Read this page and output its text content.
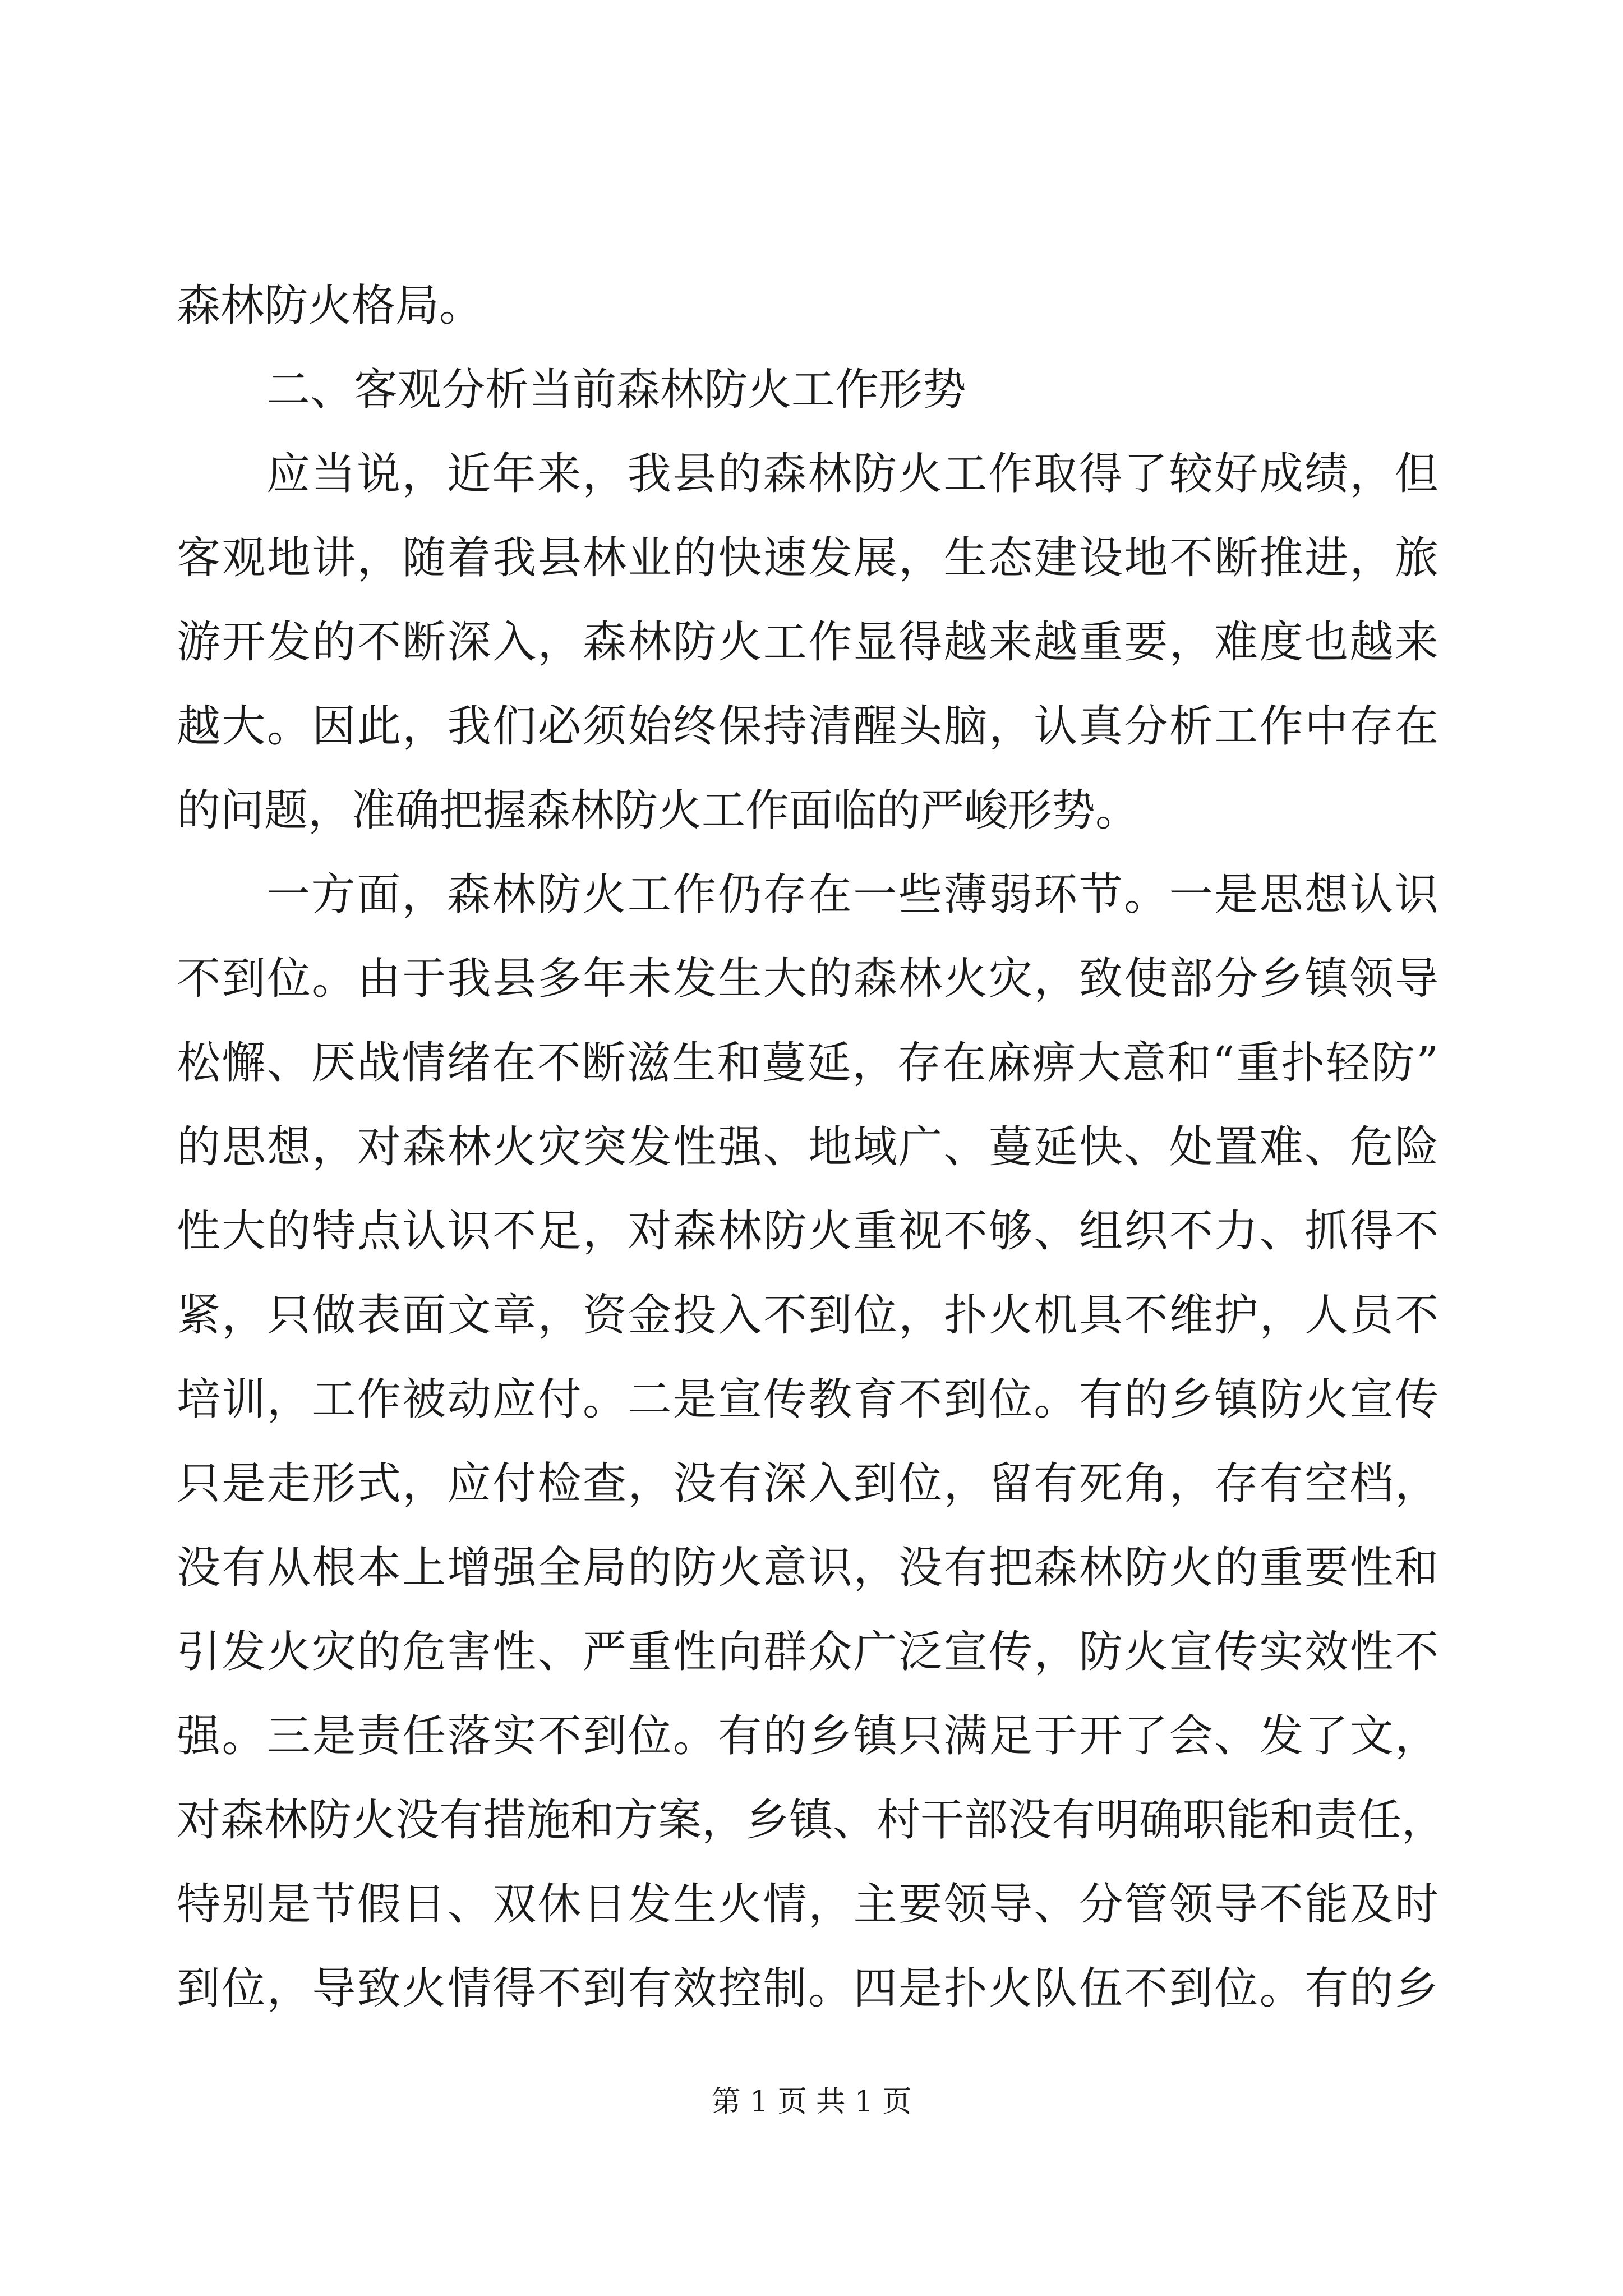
森林防火格局。
二、客观分析当前森林防火工作形势
应当说，近年来，我县的森林防火工作取得了较好成绩，但
客观地讲，随着我县林业的快速发展，生态建设地不断推进，旅
游开发的不断深入，森林防火工作显得越来越重要，难度也越来
越大。因此，我们必须始终保持清醒头脑，认真分析工作中存在
的问题，准确把握森林防火工作面临的严峻形势。
一方面，森林防火工作仍存在一些薄弱环节。一是思想认识
不到位。由于我县多年未发生大的森林火灾，致使部分乡镇领导
松懈、厌战情绪在不断滋生和蔓延，存在麻痹大意和“重扑轻防”
的思想，对森林火灾突发性强、地域广、蔓延快、处置难、危险
性大的特点认识不足，对森林防火重视不够、组织不力、抓得不
紧，只做表面文章，资金投入不到位，扑火机具不维护，人员不
培训，工作被动应付。二是宣传教育不到位。有的乡镇防火宣传
只是走形式，应付检查，没有深入到位，留有死角，存有空档，
没有从根本上增强全局的防火意识，没有把森林防火的重要性和
引发火灾的危害性、严重性向群众广泛宣传，防火宣传实效性不
强。三是责任落实不到位。有的乡镇只满足于开了会、发了文，
对森林防火没有措施和方案，乡镇、村干部没有明确职能和责任，
特别是节假日、双休日发生火情，主要领导、分管领导不能及时
到位，导致火情得不到有效控制。四是扑火队伍不到位。有的乡
第 1 页 共 1 页
